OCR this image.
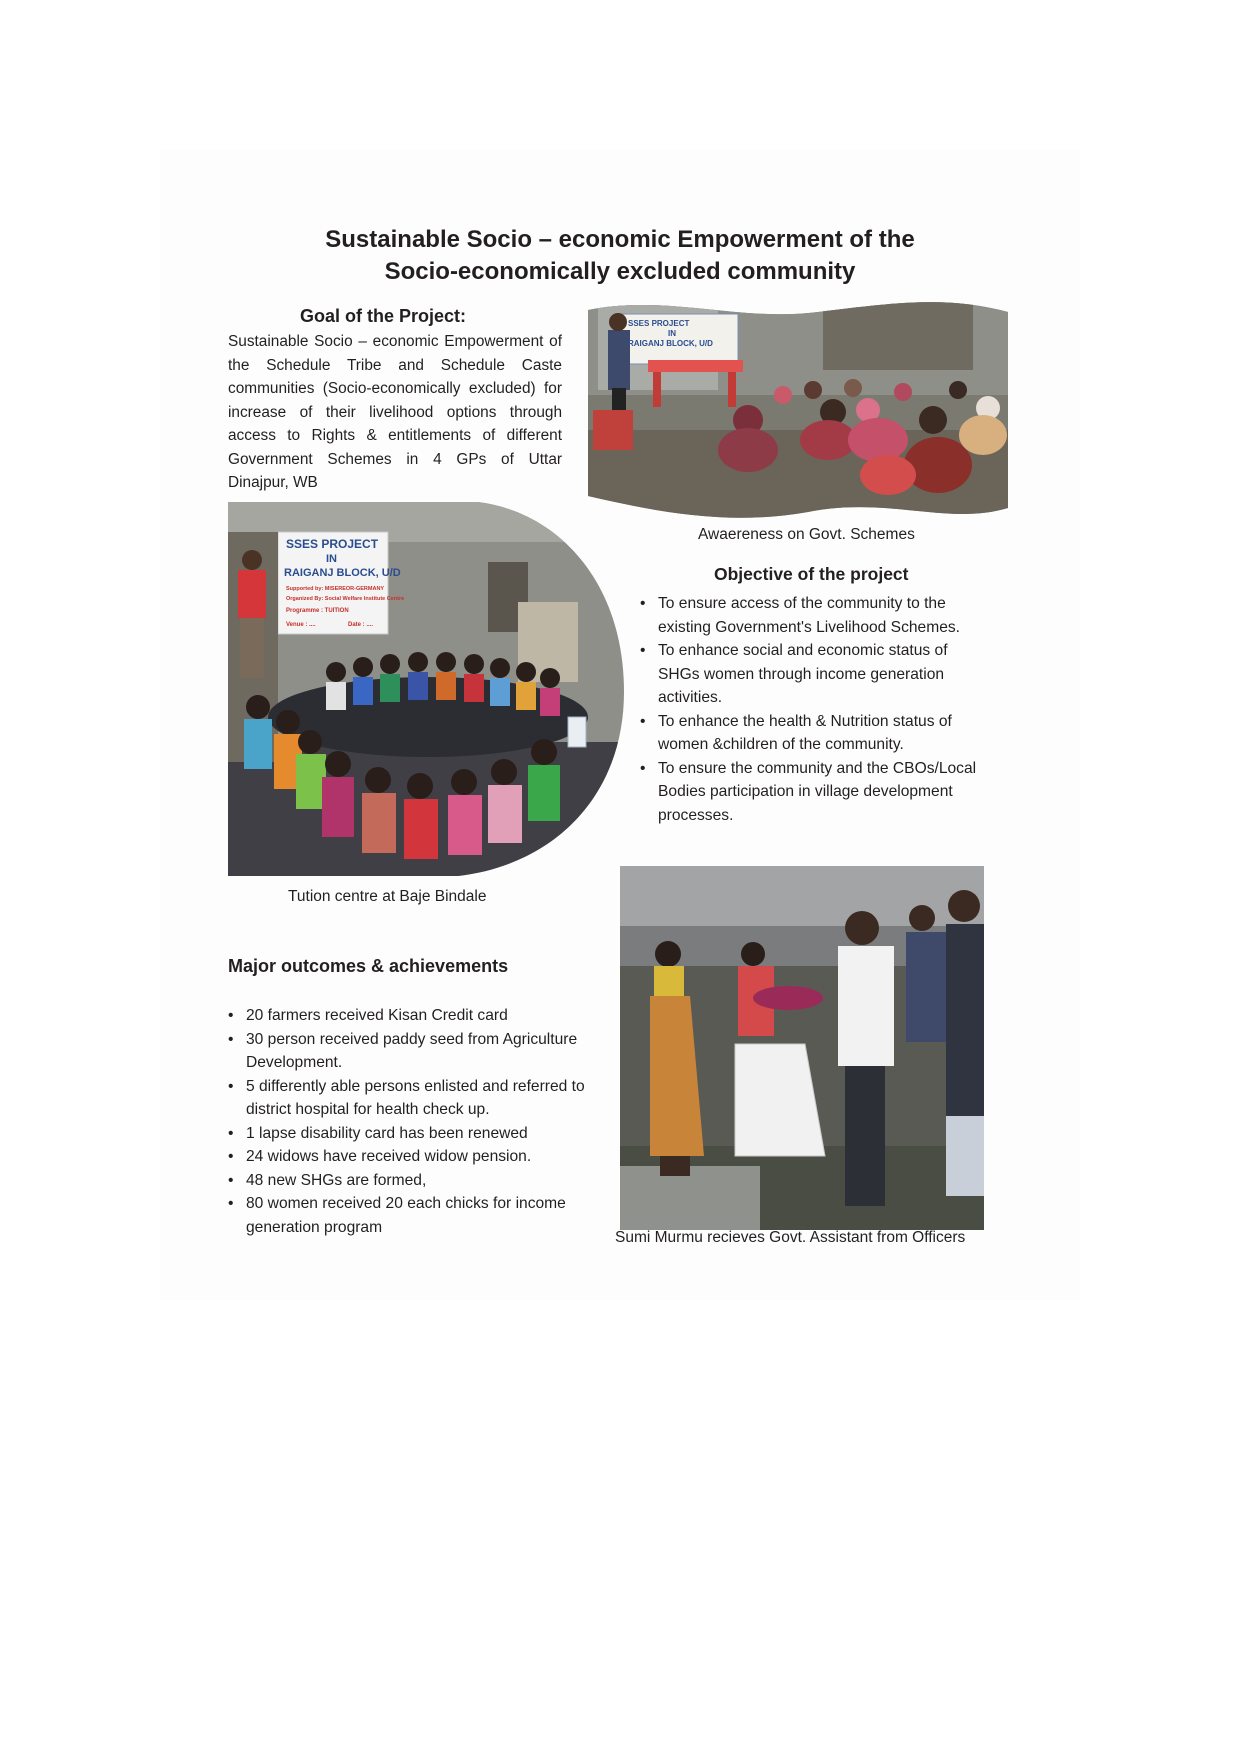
Sustainable Socio – economic Empowerment of the
Socio-economically excluded community
Goal of the Project:

Sustainable Socio – economic Empowerment of the Schedule Tribe and Schedule Caste communities (Socio-economically excluded) for increase of their livelihood options through access to Rights & entitlements of different Government Schemes in 4 GPs of Uttar Dinajpur, WB

SSES PROJECT
IN
RAIGANJ BLOCK, U/D
Awaereness on Govt. Schemes
SSES PROJECT
IN
RAIGANJ BLOCK, U/D
Supported by: MISEREOR-GERMANY
Organized By: Social Welfare Institute Centre
Programme : TUITION
Venue : ....	Date : ....
Tution centre at Baje Bindale
Objective of the project
• To ensure access of the community to the existing Government's Livelihood Schemes.
• To enhance social and economic status of SHGs women through income generation activities.
• To enhance the health & Nutrition status of women &children of the community.
• To ensure the community and the CBOs/Local Bodies participation in village development processes.
Sumi Murmu recieves Govt. Assistant from Officers
Major outcomes & achievements
• 20 farmers received Kisan Credit card
• 30 person received paddy seed from Agriculture Development.
• 5 differently able persons enlisted and referred to district hospital for health check up.
• 1 lapse disability card has been renewed
• 24 widows have received widow pension.
• 48 new SHGs are formed,
• 80 women received 20 each chicks for income generation program
